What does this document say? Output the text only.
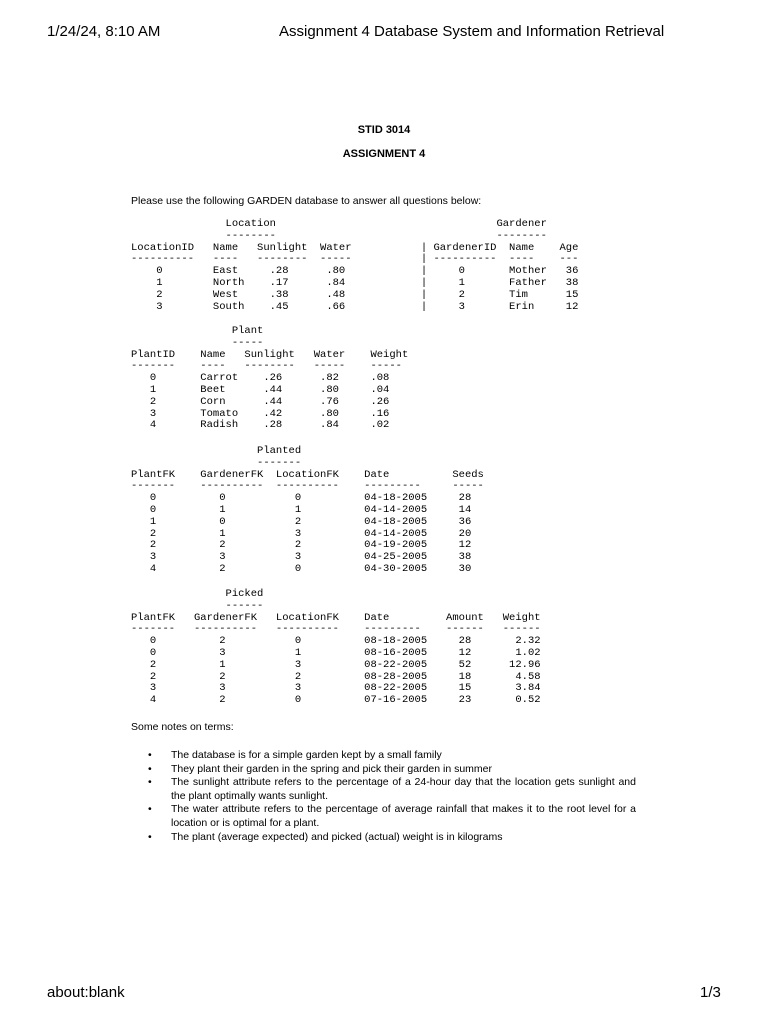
1/24/24, 8:10 AM	Assignment 4 Database System and Information Retrieval
STID 3014
ASSIGNMENT 4
Please use the following GARDEN database to answer all questions below:
Location                                   Gardener
--------                                   --------
LocationID   Name   Sunlight  Water           | GardenerID  Name    Age
----------   ----   --------  -----           | ----------  ----    ---
0        East     .28      .80            |     0       Mother   36
1        North    .17      .84            |     1       Father   38
2        West     .38      .48            |     2       Tim      15
3        South    .45      .66            |     3       Erin     12
Plant
-----
PlantID    Name   Sunlight   Water    Weight
-------    ----   --------   -----    -----
0       Carrot    .26      .82     .08
1       Beet      .44      .80     .04
2       Corn      .44      .76     .26
3       Tomato    .42      .80     .16
4       Radish    .28      .84     .02
Planted
-------
PlantFK    GardenerFK  LocationFK    Date          Seeds
-------    ----------  ----------    ---------     -----
0          0           0          04-18-2005     28
0          1           1          04-14-2005     14
1          0           2          04-18-2005     36
2          1           3          04-14-2005     20
2          2           2          04-19-2005     12
3          3           3          04-25-2005     38
4          2           0          04-30-2005     30
Picked
------
PlantFK   GardenerFK   LocationFK    Date         Amount   Weight
-------   ----------   ----------    ---------    ------   ------
0          2           0          08-18-2005     28       2.32
0          3           1          08-16-2005     12       1.02
2          1           3          08-22-2005     52      12.96
2          2           2          08-28-2005     18       4.58
3          3           3          08-22-2005     15       3.84
4          2           0          07-16-2005     23       0.52
Some notes on terms:
• The database is for a simple garden kept by a small family
• They plant their garden in the spring and pick their garden in summer
• The sunlight attribute refers to the percentage of a 24-hour day that the location gets sunlight and the plant optimally wants sunlight.
• The water attribute refers to the percentage of average rainfall that makes it to the root level for a location or is optimal for a plant.
• The plant (average expected) and picked (actual) weight is in kilograms
about:blank	1/3
